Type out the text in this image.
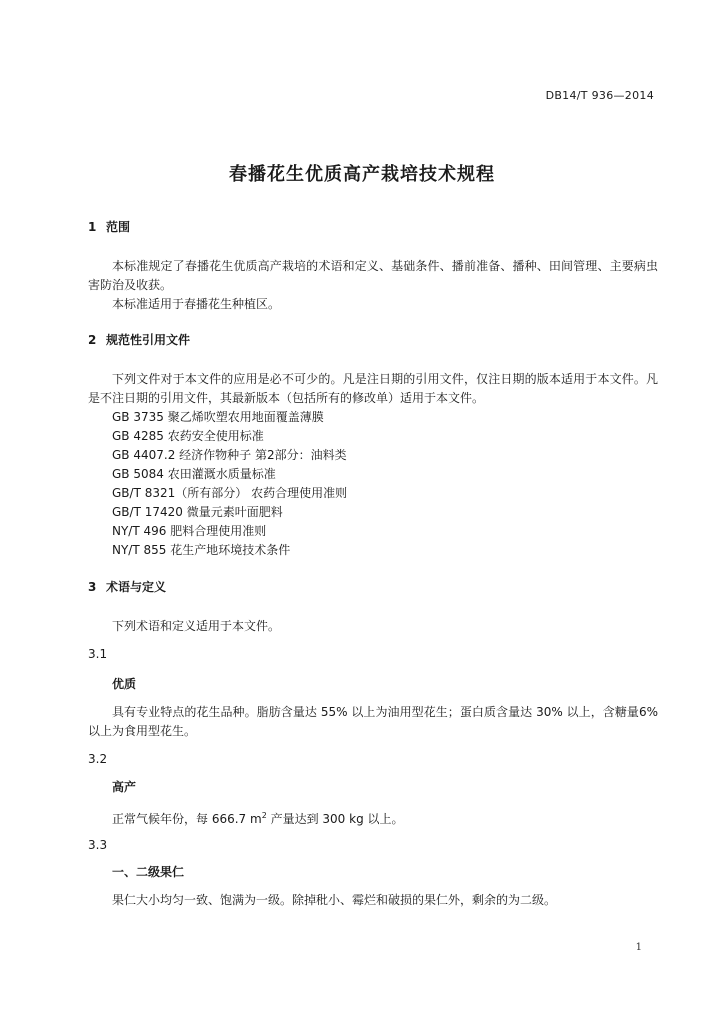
DB14/T 936—2014
春播花生优质高产栽培技术规程
1 范围
本标准规定了春播花生优质高产栽培的术语和定义、基础条件、播前准备、播种、田间管理、主要病虫害防治及收获。
本标准适用于春播花生种植区。
2 规范性引用文件
下列文件对于本文件的应用是必不可少的。凡是注日期的引用文件，仅注日期的版本适用于本文件。凡是不注日期的引用文件，其最新版本（包括所有的修改单）适用于本文件。
GB 3735 聚乙烯吹塑农用地面覆盖薄膜
GB 4285 农药安全使用标准
GB 4407.2 经济作物种子 第2部分：油料类
GB 5084 农田灌溉水质量标准
GB/T 8321（所有部分） 农药合理使用准则
GB/T 17420 微量元素叶面肥料
NY/T 496 肥料合理使用准则
NY/T 855 花生产地环境技术条件
3 术语与定义
下列术语和定义适用于本文件。
3.1
优质
具有专业特点的花生品种。脂肪含量达 55% 以上为油用型花生；蛋白质含量达 30% 以上，含糖量6% 以上为食用型花生。
3.2
高产
正常气候年份，每 666.7 $m^2$ 产量达到 300 kg 以上。
3.3
一、二级果仁
果仁大小均匀一致、饱满为一级。除掉秕小、霉烂和破损的果仁外，剩余的为二级。
1
